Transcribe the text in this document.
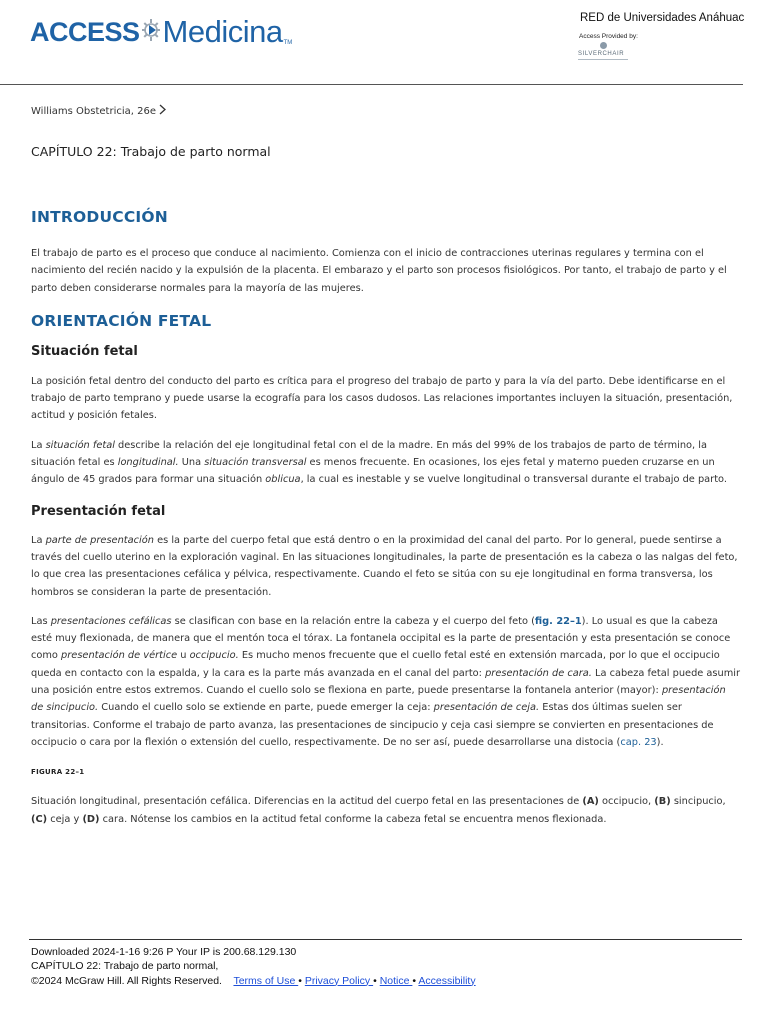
ACCESS Medicina TM
RED de Universidades Anáhuac
Access Provided by:
SILVERCHAIR
Williams Obstetricia, 26e
CAPÍTULO 22: Trabajo de parto normal
INTRODUCCIÓN

El trabajo de parto es el proceso que conduce al nacimiento. Comienza con el inicio de contracciones uterinas regulares y termina con el nacimiento del recién nacido y la expulsión de la placenta. El embarazo y el parto son procesos fisiológicos. Por tanto, el trabajo de parto y el parto deben considerarse normales para la mayoría de las mujeres.

ORIENTACIÓN FETAL
Situación fetal

La posición fetal dentro del conducto del parto es crítica para el progreso del trabajo de parto y para la vía del parto. Debe identificarse en el trabajo de parto temprano y puede usarse la ecografía para los casos dudosos. Las relaciones importantes incluyen la situación, presentación, actitud y posición fetales.

La situación fetal describe la relación del eje longitudinal fetal con el de la madre. En más del 99% de los trabajos de parto de término, la situación fetal es longitudinal. Una situación transversal es menos frecuente. En ocasiones, los ejes fetal y materno pueden cruzarse en un ángulo de 45 grados para formar una situación oblicua, la cual es inestable y se vuelve longitudinal o transversal durante el trabajo de parto.

Presentación fetal

La parte de presentación es la parte del cuerpo fetal que está dentro o en la proximidad del canal del parto. Por lo general, puede sentirse a través del cuello uterino en la exploración vaginal. En las situaciones longitudinales, la parte de presentación es la cabeza o las nalgas del feto, lo que crea las presentaciones cefálica y pélvica, respectivamente. Cuando el feto se sitúa con su eje longitudinal en forma transversa, los hombros se consideran la parte de presentación.

Las presentaciones cefálicas se clasifican con base en la relación entre la cabeza y el cuerpo del feto (fig. 22–1). Lo usual es que la cabeza esté muy flexionada, de manera que el mentón toca el tórax. La fontanela occipital es la parte de presentación y esta presentación se conoce como presentación de vértice u occipucio. Es mucho menos frecuente que el cuello fetal esté en extensión marcada, por lo que el occipucio queda en contacto con la espalda, y la cara es la parte más avanzada en el canal del parto: presentación de cara. La cabeza fetal puede asumir una posición entre estos extremos. Cuando el cuello solo se flexiona en parte, puede presentarse la fontanela anterior (mayor): presentación de sincipucio. Cuando el cuello solo se extiende en parte, puede emerger la ceja: presentación de ceja. Estas dos últimas suelen ser transitorias. Conforme el trabajo de parto avanza, las presentaciones de sincipucio y ceja casi siempre se convierten en presentaciones de occipucio o cara por la flexión o extensión del cuello, respectivamente. De no ser así, puede desarrollarse una distocia (cap. 23).

FIGURA 22–1

Situación longitudinal, presentación cefálica. Diferencias en la actitud del cuerpo fetal en las presentaciones de (A) occipucio, (B) sincipucio, (C) ceja y (D) cara. Nótense los cambios en la actitud fetal conforme la cabeza fetal se encuentra menos flexionada.

Downloaded 2024-1-16 9:26 P Your IP is 200.68.129.130
CAPÍTULO 22: Trabajo de parto normal,
©2024 McGraw Hill. All Rights Reserved. Terms of Use • Privacy Policy • Notice • Accessibility
